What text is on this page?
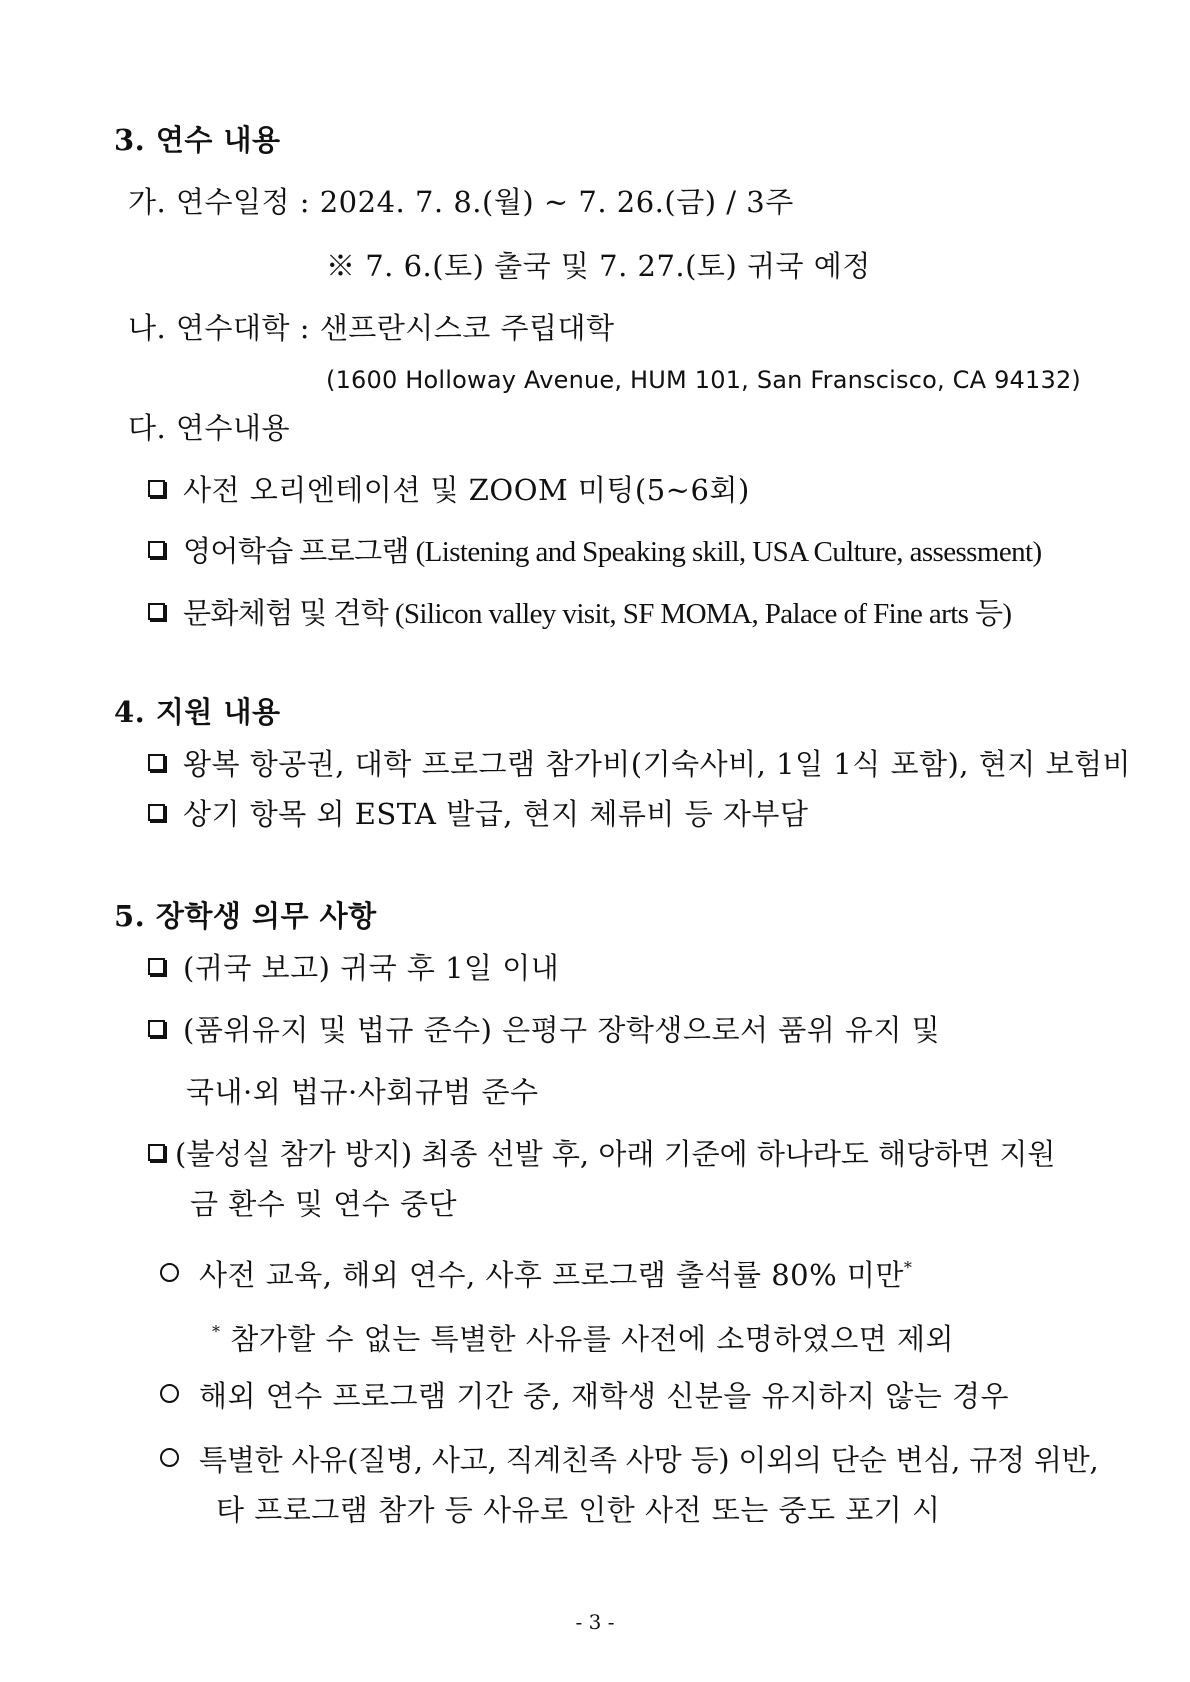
3. 연수 내용
가. 연수일정 : 2024. 7. 8.(월) ~ 7. 26.(금) / 3주
※ 7. 6.(토) 출국 및 7. 27.(토) 귀국 예정
나. 연수대학 : 샌프란시스코 주립대학
(1600 Holloway Avenue, HUM 101, San Franscisco, CA 94132)
다. 연수내용
사전 오리엔테이션 및 ZOOM 미팅(5~6회)
영어학습 프로그램 (Listening and Speaking skill, USA Culture, assessment)
문화체험 및 견학 (Silicon valley visit, SF MOMA, Palace of Fine arts 등)
4. 지원 내용
왕복 항공권, 대학 프로그램 참가비(기숙사비, 1일 1식 포함), 현지 보험비
상기 항목 외 ESTA 발급, 현지 체류비 등 자부담
5. 장학생 의무 사항
(귀국 보고) 귀국 후 1일 이내
(품위유지 및 법규 준수) 은평구 장학생으로서 품위 유지 및
국내·외 법규·사회규범 준수
(불성실 참가 방지) 최종 선발 후, 아래 기준에 하나라도 해당하면 지원
금 환수 및 연수 중단
사전 교육, 해외 연수, 사후 프로그램 출석률 80% 미만*
* 참가할 수 없는 특별한 사유를 사전에 소명하였으면 제외
해외 연수 프로그램 기간 중, 재학생 신분을 유지하지 않는 경우
특별한 사유(질병, 사고, 직계친족 사망 등) 이외의 단순 변심, 규정 위반,
타 프로그램 참가 등 사유로 인한 사전 또는 중도 포기 시
- 3 -
